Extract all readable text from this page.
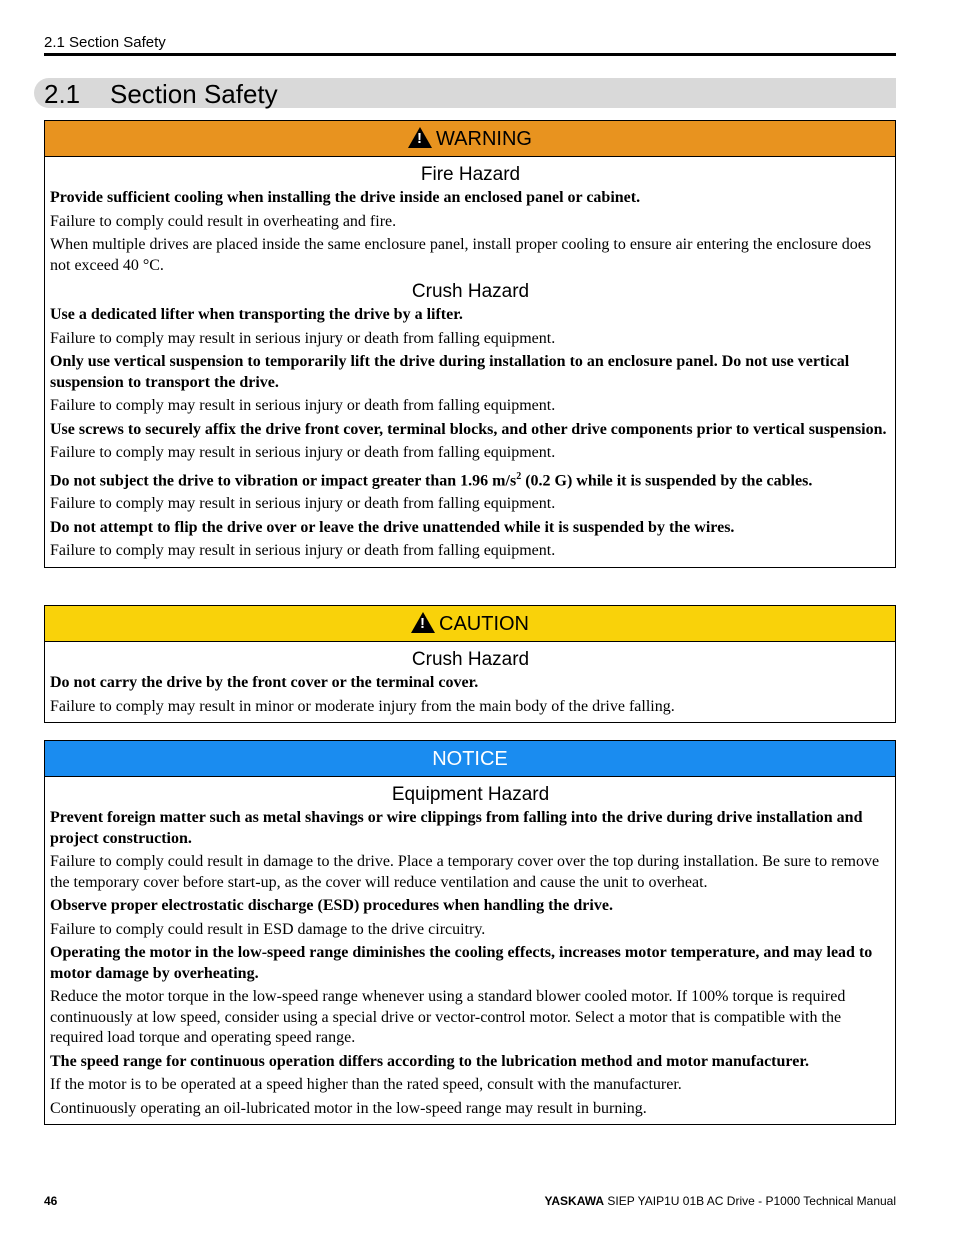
2.1 Section Safety
2.1 Section Safety
!WARNING
Fire Hazard

Provide sufficient cooling when installing the drive inside an enclosed panel or cabinet.

Failure to comply could result in overheating and fire.

When multiple drives are placed inside the same enclosure panel, install proper cooling to ensure air entering the enclosure does not exceed 40 °C.

Crush Hazard

Use a dedicated lifter when transporting the drive by a lifter.

Failure to comply may result in serious injury or death from falling equipment.

Only use vertical suspension to temporarily lift the drive during installation to an enclosure panel. Do not use vertical suspension to transport the drive.

Failure to comply may result in serious injury or death from falling equipment.

Use screws to securely affix the drive front cover, terminal blocks, and other drive components prior to vertical suspension.

Failure to comply may result in serious injury or death from falling equipment.

Do not subject the drive to vibration or impact greater than 1.96 $m/s^2$ (0.2 G) while it is suspended by the cables.

Failure to comply may result in serious injury or death from falling equipment.

Do not attempt to flip the drive over or leave the drive unattended while it is suspended by the wires.

Failure to comply may result in serious injury or death from falling equipment.

!CAUTION
Crush Hazard

Do not carry the drive by the front cover or the terminal cover.

Failure to comply may result in minor or moderate injury from the main body of the drive falling.

NOTICE
Equipment Hazard

Prevent foreign matter such as metal shavings or wire clippings from falling into the drive during drive installation and project construction.

Failure to comply could result in damage to the drive. Place a temporary cover over the top during installation. Be sure to remove the temporary cover before start-up, as the cover will reduce ventilation and cause the unit to overheat.

Observe proper electrostatic discharge (ESD) procedures when handling the drive.

Failure to comply could result in ESD damage to the drive circuitry.

Operating the motor in the low-speed range diminishes the cooling effects, increases motor temperature, and may lead to motor damage by overheating.

Reduce the motor torque in the low-speed range whenever using a standard blower cooled motor. If 100% torque is required continuously at low speed, consider using a special drive or vector-control motor. Select a motor that is compatible with the required load torque and operating speed range.

The speed range for continuous operation differs according to the lubrication method and motor manufacturer.

If the motor is to be operated at a speed higher than the rated speed, consult with the manufacturer.

Continuously operating an oil-lubricated motor in the low-speed range may result in burning.

46	YASKAWA SIEP YAIP1U 01B AC Drive - P1000 Technical Manual
